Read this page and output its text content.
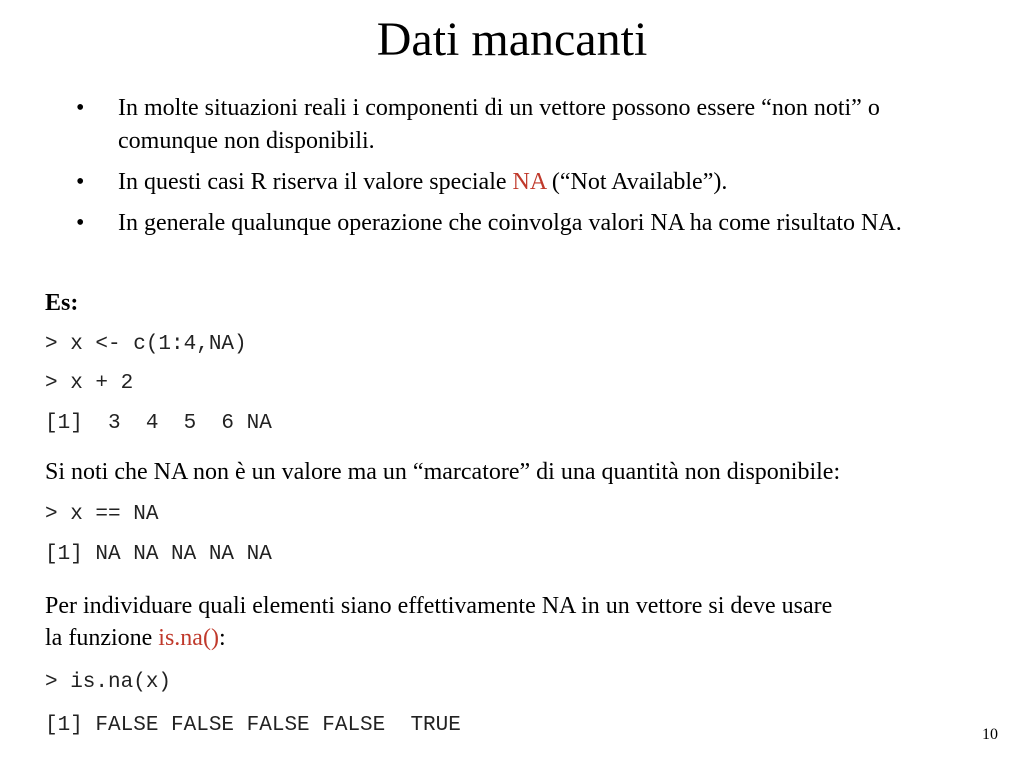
Dati mancanti
• In molte situazioni reali i componenti di un vettore possono essere “non noti” o comunque non disponibili.
• In questi casi R riserva il valore speciale NA (“Not Available”).
• In generale qualunque operazione che coinvolga valori NA ha come risultato NA.
Es:
> x <- c(1:4,NA)
> x + 2
[1]  3  4  5  6 NA
Si noti che NA non è un valore ma un “marcatore” di una quantità non disponibile:
> x == NA
[1] NA NA NA NA NA
Per individuare quali elementi siano effettivamente NA in un vettore si deve usare
la funzione is.na():
> is.na(x)
[1] FALSE FALSE FALSE FALSE  TRUE	10
